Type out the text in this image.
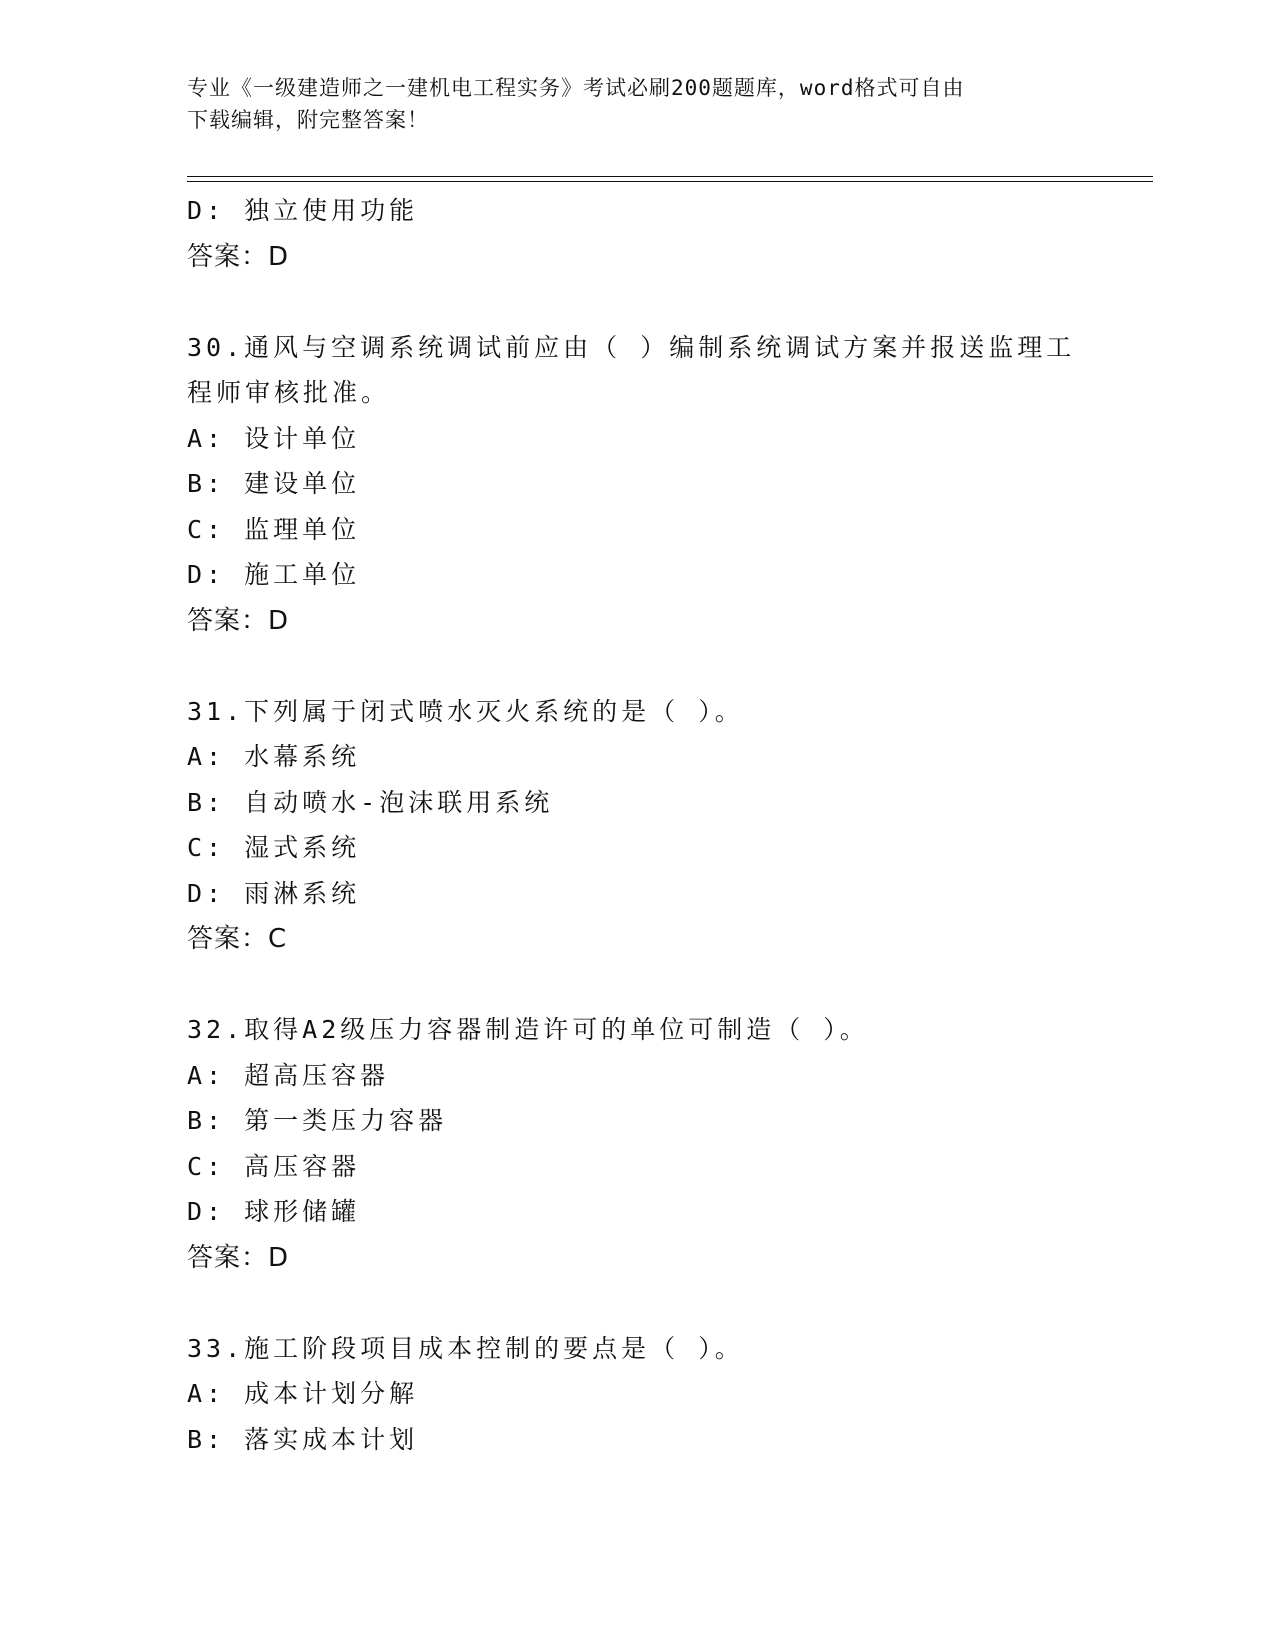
专业《一级建造师之一建机电工程实务》考试必刷200题题库，word格式可自由
下载编辑，附完整答案！
D: 独立使用功能
答案：D
30.通风与空调系统调试前应由（ ）编制系统调试方案并报送监理工
程师审核批准。
A: 设计单位
B: 建设单位
C: 监理单位
D: 施工单位
答案：D
31.下列属于闭式喷水灭火系统的是（ ）。
A: 水幕系统
B: 自动喷水-泡沫联用系统
C: 湿式系统
D: 雨淋系统
答案：C
32.取得A2级压力容器制造许可的单位可制造（ ）。
A: 超高压容器
B: 第一类压力容器
C: 高压容器
D: 球形储罐
答案：D
33.施工阶段项目成本控制的要点是（ ）。
A: 成本计划分解
B: 落实成本计划
